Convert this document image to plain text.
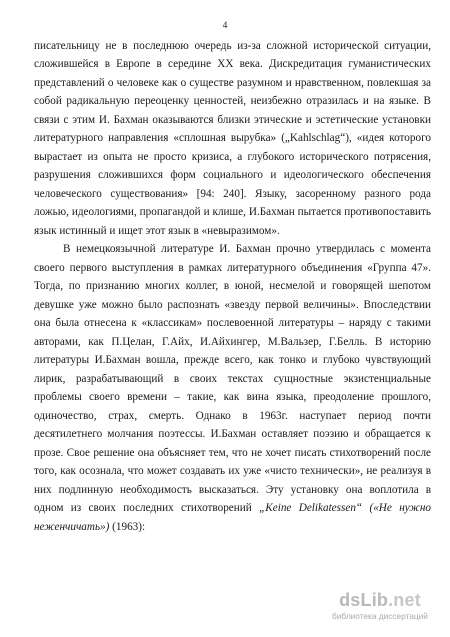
4
писательницу не в последнюю очередь из-за сложной исторической ситуации,
сложившейся в Европе в середине XX века. Дискредитация гуманистических
представлений о человеке как о существе разумном и нравственном, повлекшая за
собой радикальную переоценку ценностей, неизбежно отразилась и на языке. В
связи с этим И. Бахман оказываются близки этические и эстетические установки
литературного направления «сплошная вырубка» („Kahlschlag“), «идея которого
вырастает из опыта не просто кризиса, а глубокого исторического потрясения,
разрушения сложившихся форм социального и идеологического обеспечения
человеческого существования» [94: 240]. Языку, засоренному разного рода
ложью, идеологиями, пропагандой и клише, И.Бахман пытается противопоставить
язык истинный и ищет этот язык в «невыразимом».
В немецкоязычной литературе И. Бахман прочно утвердилась с момента
своего первого выступления в рамках литературного объединения «Группа 47».
Тогда, по признанию многих коллег, в юной, несмелой и говорящей шепотом
девушке уже можно было распознать «звезду первой величины». Впоследствии
она была отнесена к «классикам» послевоенной литературы – наряду с такими
авторами, как П.Целан, Г.Айх, И.Айхингер, М.Вальзер, Г.Белль. В историю
литературы И.Бахман вошла, прежде всего, как тонко и глубоко чувствующий
лирик, разрабатывающий в своих текстах сущностные экзистенциальные
проблемы своего времени – такие, как вина языка, преодоление прошлого,
одиночество, страх, смерть. Однако в 1963г. наступает период почти
десятилетнего молчания поэтессы. И.Бахман оставляет поэзию и обращается к
прозе. Свое решение она объясняет тем, что не хочет писать стихотворений после
того, как осознала, что может создавать их уже «чисто технически», не реализуя в
них подлинную необходимость высказаться. Эту установку она воплотила в
одном из своих последних стихотворений „Keine Delikatessen“ («Не нужно
неженчичать») (1963):
dsLib.net
библиотека диссертаций
